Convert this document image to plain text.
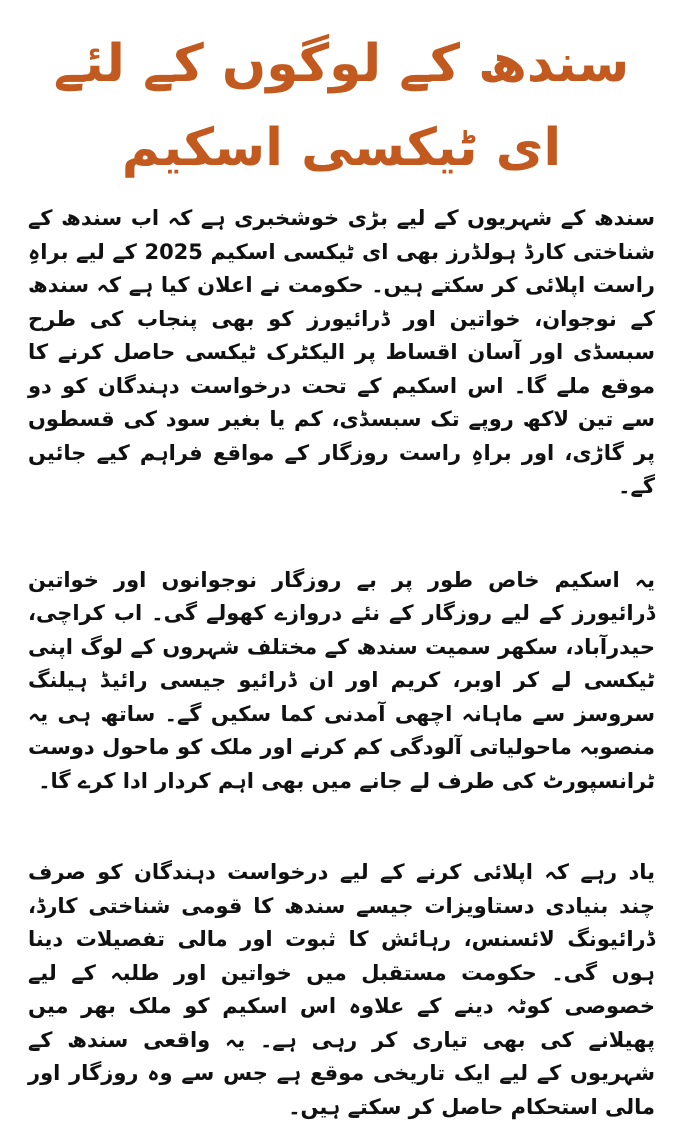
سندھ کے لوگوں کے لئے
ای ٹیکسی اسکیم

سندھ کے شہریوں کے لیے بڑی خوشخبری ہے کہ اب سندھ کے شناختی کارڈ ہولڈرز بھی ای ٹیکسی اسکیم 2025 کے لیے براہِ راست اپلائی کر سکتے ہیں۔ حکومت نے اعلان کیا ہے کہ سندھ کے نوجوان، خواتین اور ڈرائیورز کو بھی پنجاب کی طرح سبسڈی اور آسان اقساط پر الیکٹرک ٹیکسی حاصل کرنے کا موقع ملے گا۔ اس اسکیم کے تحت درخواست دہندگان کو دو سے تین لاکھ روپے تک سبسڈی، کم یا بغیر سود کی قسطوں پر گاڑی، اور براہِ راست روزگار کے مواقع فراہم کیے جائیں گے۔

یہ اسکیم خاص طور پر بے روزگار نوجوانوں اور خواتین ڈرائیورز کے لیے روزگار کے نئے دروازے کھولے گی۔ اب کراچی، حیدرآباد، سکھر سمیت سندھ کے مختلف شہروں کے لوگ اپنی ٹیکسی لے کر اوبر، کریم اور ان ڈرائیو جیسی رائیڈ ہیلنگ سروسز سے ماہانہ اچھی آمدنی کما سکیں گے۔ ساتھ ہی یہ منصوبہ ماحولیاتی آلودگی کم کرنے اور ملک کو ماحول دوست ٹرانسپورٹ کی طرف لے جانے میں بھی اہم کردار ادا کرے گا۔

یاد رہے کہ اپلائی کرنے کے لیے درخواست دہندگان کو صرف چند بنیادی دستاویزات جیسے سندھ کا قومی شناختی کارڈ، ڈرائیونگ لائسنس، رہائش کا ثبوت اور مالی تفصیلات دینا ہوں گی۔ حکومت مستقبل میں خواتین اور طلبہ کے لیے خصوصی کوٹہ دینے کے علاوہ اس اسکیم کو ملک بھر میں پھیلانے کی بھی تیاری کر رہی ہے۔ یہ واقعی سندھ کے شہریوں کے لیے ایک تاریخی موقع ہے جس سے وہ روزگار اور مالی استحکام حاصل کر سکتے ہیں۔
